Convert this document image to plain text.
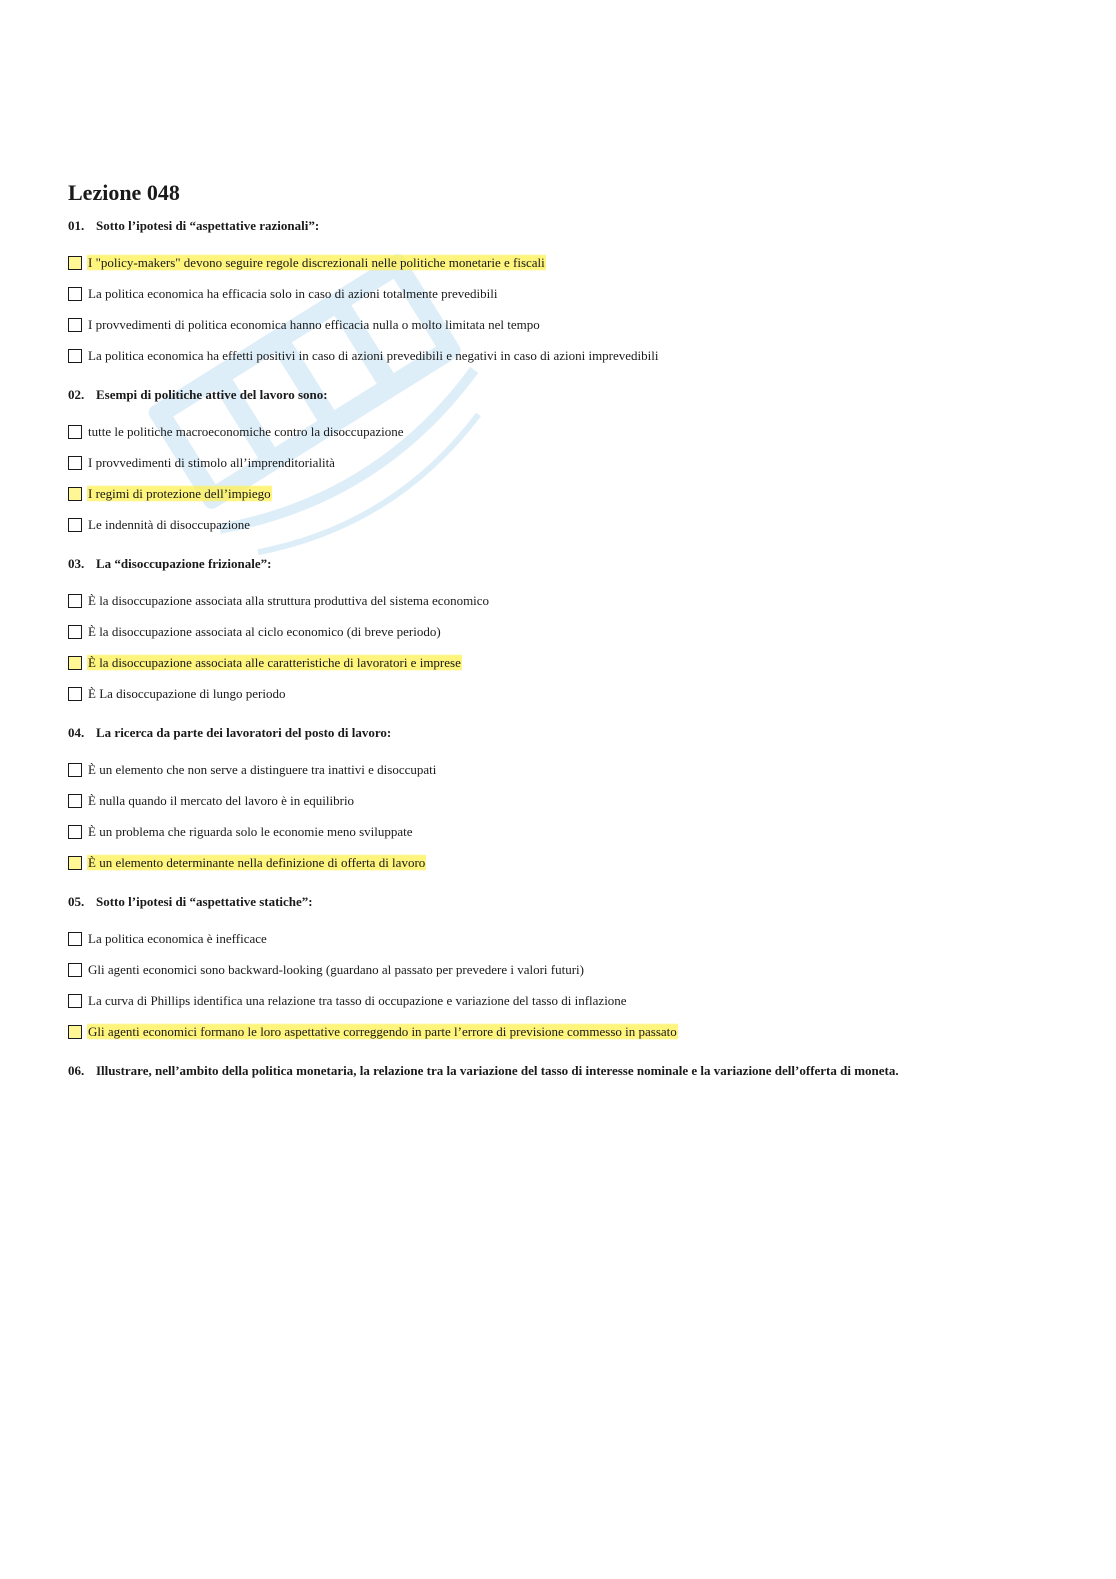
Lezione 048

01. Sotto l’ipotesi di “aspettative razionali”:

I "policy-makers" devono seguire regole discrezionali nelle politiche monetarie e fiscali
La politica economica ha efficacia solo in caso di azioni totalmente prevedibili
I provvedimenti di politica economica hanno efficacia nulla o molto limitata nel tempo
La politica economica ha effetti positivi in caso di azioni prevedibili e negativi in caso di azioni imprevedibili

02. Esempi di politiche attive del lavoro sono:

tutte le politiche macroeconomiche contro la disoccupazione
I provvedimenti di stimolo all’imprenditorialità
I regimi di protezione dell’impiego
Le indennità di disoccupazione

03. La “disoccupazione frizionale”:

È la disoccupazione associata alla struttura produttiva del sistema economico
È la disoccupazione associata al ciclo economico (di breve periodo)
È la disoccupazione associata alle caratteristiche di lavoratori e imprese
È La disoccupazione di lungo periodo

04. La ricerca da parte dei lavoratori del posto di lavoro:

È un elemento che non serve a distinguere tra inattivi e disoccupati
È nulla quando il mercato del lavoro è in equilibrio
È un problema che riguarda solo le economie meno sviluppate
È un elemento determinante nella definizione di offerta di lavoro

05. Sotto l’ipotesi di “aspettative statiche”:

La politica economica è inefficace
Gli agenti economici sono backward-looking (guardano al passato per prevedere i valori futuri)
La curva di Phillips identifica una relazione tra tasso di occupazione e variazione del tasso di inflazione
Gli agenti economici formano le loro aspettative correggendo in parte l’errore di previsione commesso in passato

06. Illustrare, nell’ambito della politica monetaria, la relazione tra la variazione del tasso di interesse nominale e la variazione dell’offerta di moneta.
